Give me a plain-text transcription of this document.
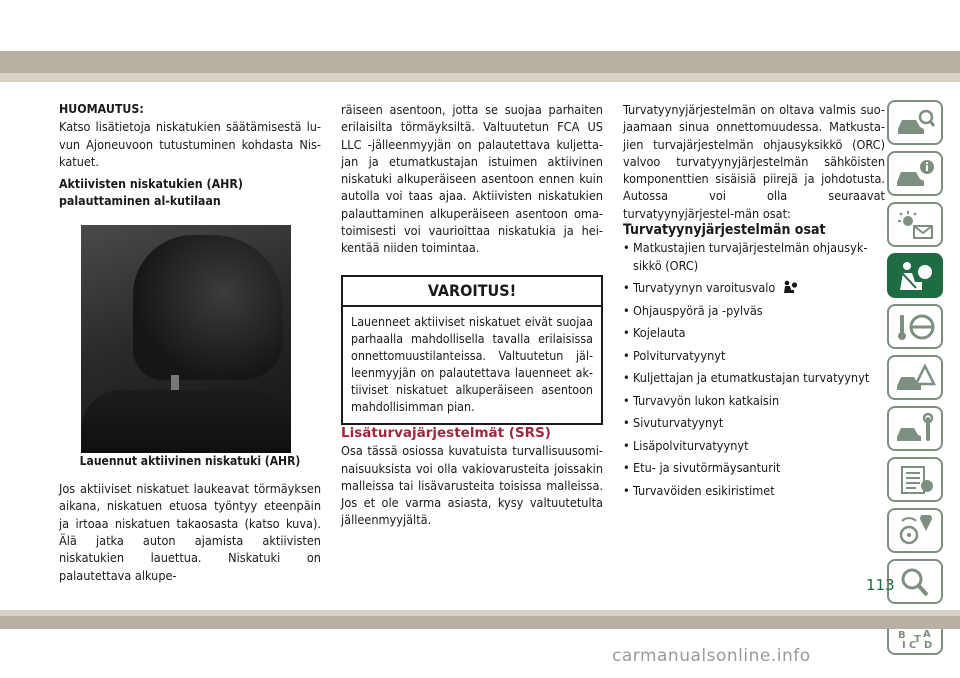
HUOMAUTUS:

Katso lisätietoja niskatukien säätämisestä lu-vun Ajoneuvoon tutustuminen kohdasta Nis-katuet.

Aktiivisten niskatukien (AHR) palauttaminen al-kutilaan

Lauennut aktiivinen niskatuki (AHR)

Jos aktiiviset niskatuet laukeavat törmäyksen aikana, niskatuen etuosa työntyy eteenpäin ja irtoaa niskatuen takaosasta (katso kuva). Älä jatka auton ajamista aktiivisten niskatukien lauettua. Niskatuki on palautettava alkupe-

räiseen asentoon, jotta se suojaa parhaiten erilaisilta törmäyksiltä. Valtuutetun FCA US LLC -jälleenmyyjän on palautettava kuljetta-jan ja etumatkustajan istuimen aktiivinen niskatuki alkuperäiseen asentoon ennen kuin autolla voi taas ajaa. Aktiivisten niskatukien palauttaminen alkuperäiseen asentoon oma-toimisesti voi vaurioittaa niskatukia ja hei-kentää niiden toimintaa.

VAROITUS!
Lauenneet aktiiviset niskatuet eivät suojaa parhaalla mahdollisella tavalla erilaisissa onnettomuustilanteissa. Valtuutetun jäl-leenmyyjän on palautettava lauenneet ak-tiiviset niskatuet alkuperäiseen asentoon mahdollisimman pian.

Lisäturvajärjestelmät (SRS)

Osa tässä osiossa kuvatuista turvallisuusomi-naisuuksista voi olla vakiovarusteita joissakin malleissa tai lisävarusteita toisissa malleissa. Jos et ole varma asiasta, kysy valtuutetulta jälleenmyyjältä.

Turvatyynyjärjestelmän on oltava valmis suo-jaamaan sinua onnettomuudessa. Matkusta-jien turvajärjestelmän ohjausyksikkö (ORC) valvoo turvatyynyjärjestelmän sähköisten komponenttien sisäisiä piirejä ja johdotusta. Autossa voi olla seuraavat turvatyynyjärjestel-män osat:

Turvatyynyjärjestelmän osat

• Matkustajien turvajärjestelmän ohjausyk-sikkö (ORC)
• Turvatyynyn varoitusvalo
• Ohjauspyörä ja -pylväs
• Kojelauta
• Polviturvatyynyt
• Kuljettajan ja etumatkustajan turvatyynyt
• Turvavyön lukon katkaisin
• Sivuturvatyynyt
• Lisäpolviturvatyynyt
• Etu- ja sivutörmäysanturit
• Turvavöiden esikiristimet
B A
I C
T
D
113
carmanualsonline.info
